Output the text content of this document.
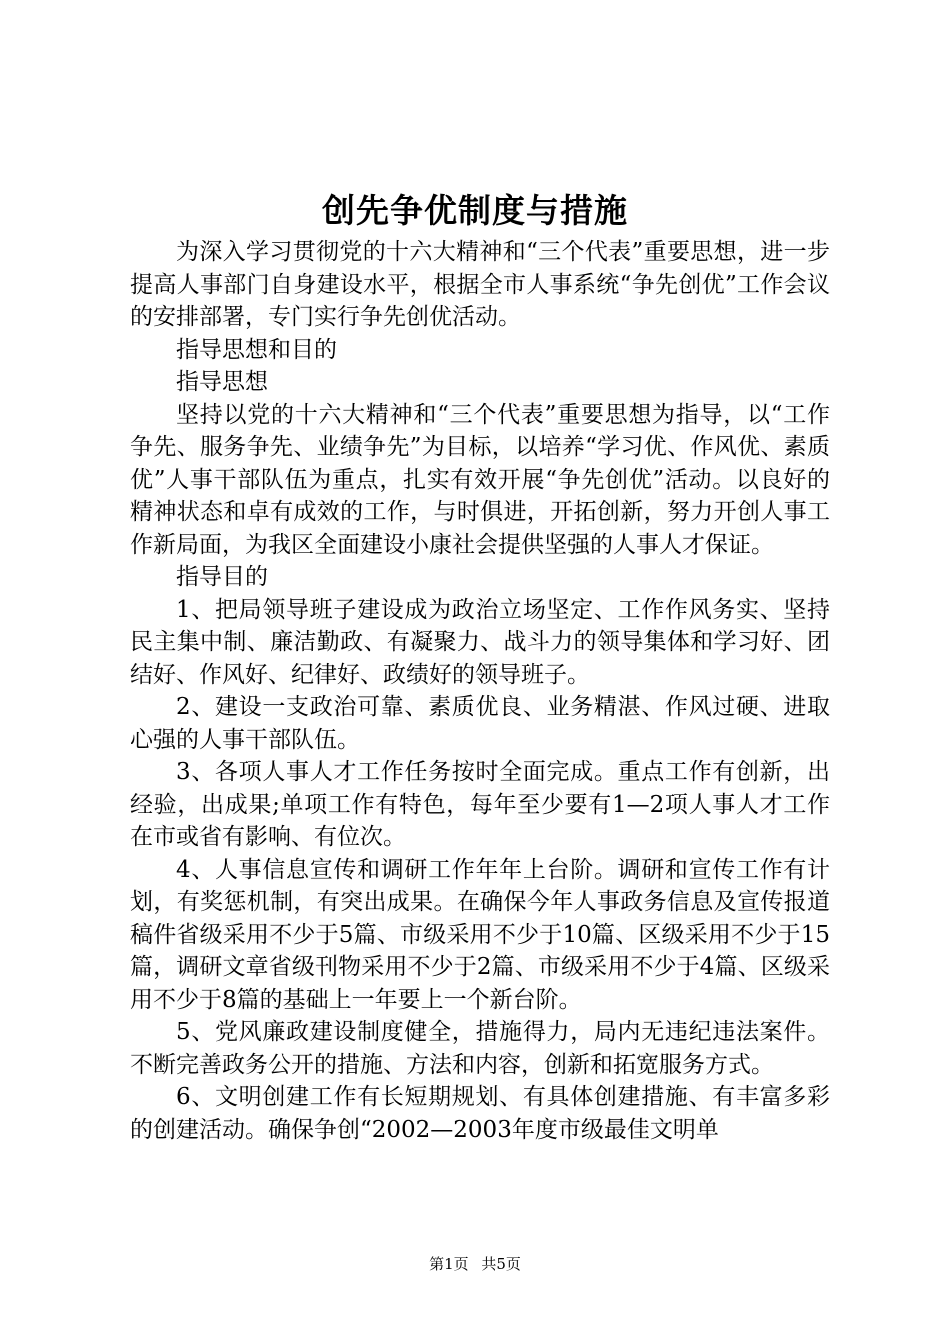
创先争优制度与措施

为深入学习贯彻党的十六大精神和“三个代表”重要思想，进一步提高人事部门自身建设水平，根据全市人事系统“争先创优”工作会议的安排部署，专门实行争先创优活动。

指导思想和目的

指导思想

坚持以党的十六大精神和“三个代表”重要思想为指导，以“工作争先、服务争先、业绩争先”为目标，以培养“学习优、作风优、素质优”人事干部队伍为重点，扎实有效开展“争先创优”活动。以良好的精神状态和卓有成效的工作，与时俱进，开拓创新，努力开创人事工作新局面，为我区全面建设小康社会提供坚强的人事人才保证。

指导目的

1、把局领导班子建设成为政治立场坚定、工作作风务实、坚持民主集中制、廉洁勤政、有凝聚力、战斗力的领导集体和学习好、团结好、作风好、纪律好、政绩好的领导班子。

2、建设一支政治可靠、素质优良、业务精湛、作风过硬、进取心强的人事干部队伍。

3、各项人事人才工作任务按时全面完成。重点工作有创新，出经验，出成果;单项工作有特色，每年至少要有1—2项人事人才工作在市或省有影响、有位次。

4、人事信息宣传和调研工作年年上台阶。调研和宣传工作有计划，有奖惩机制，有突出成果。在确保今年人事政务信息及宣传报道稿件省级采用不少于5篇、市级采用不少于10篇、区级采用不少于15篇，调研文章省级刊物采用不少于2篇、市级采用不少于4篇、区级采用不少于8篇的基础上一年要上一个新台阶。

5、党风廉政建设制度健全，措施得力，局内无违纪违法案件。不断完善政务公开的措施、方法和内容，创新和拓宽服务方式。

6、文明创建工作有长短期规划、有具体创建措施、有丰富多彩的创建活动。确保争创“2002—2003年度市级最佳文明单

第1页 共5页
